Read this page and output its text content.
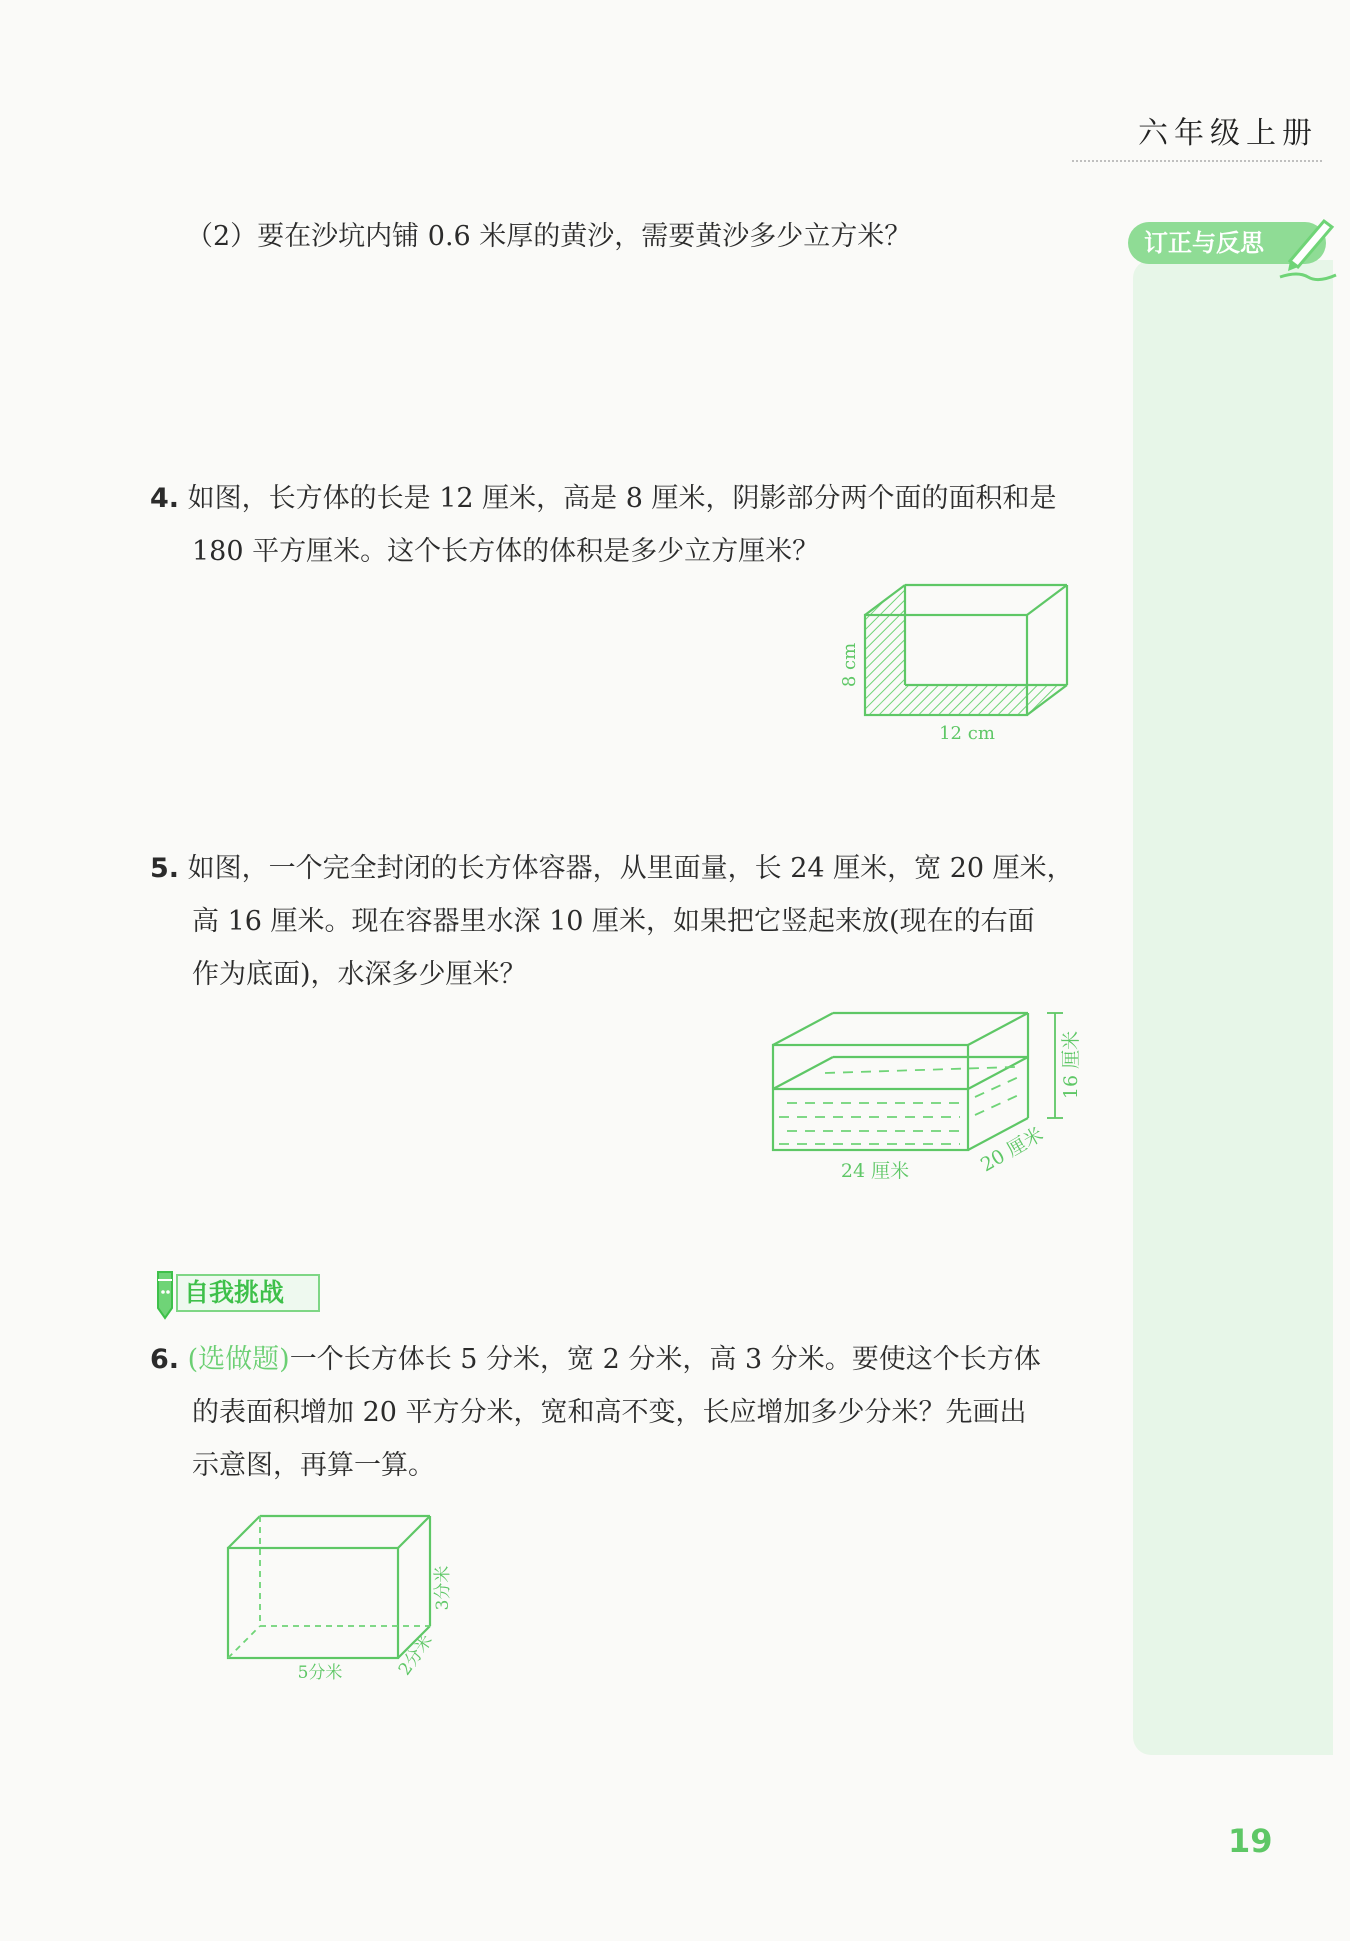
六年级上册
订正与反思
（2）要在沙坑内铺 0.6 米厚的黄沙，需要黄沙多少立方米？
4. 如图，长方体的长是 12 厘米，高是 8 厘米，阴影部分两个面的面积和是
180 平方厘米。这个长方体的体积是多少立方厘米？
8 cm
12 cm
5. 如图，一个完全封闭的长方体容器，从里面量，长 24 厘米，宽 20 厘米，
高 16 厘米。现在容器里水深 10 厘米，如果把它竖起来放(现在的右面
作为底面)，水深多少厘米？
16 厘米
24 厘米	20 厘米
自我挑战
6. (选做题)一个长方体长 5 分米，宽 2 分米，高 3 分米。要使这个长方体
的表面积增加 20 平方分米，宽和高不变，长应增加多少分米？先画出
示意图，再算一算。
3分米
5分米	2分米
19
